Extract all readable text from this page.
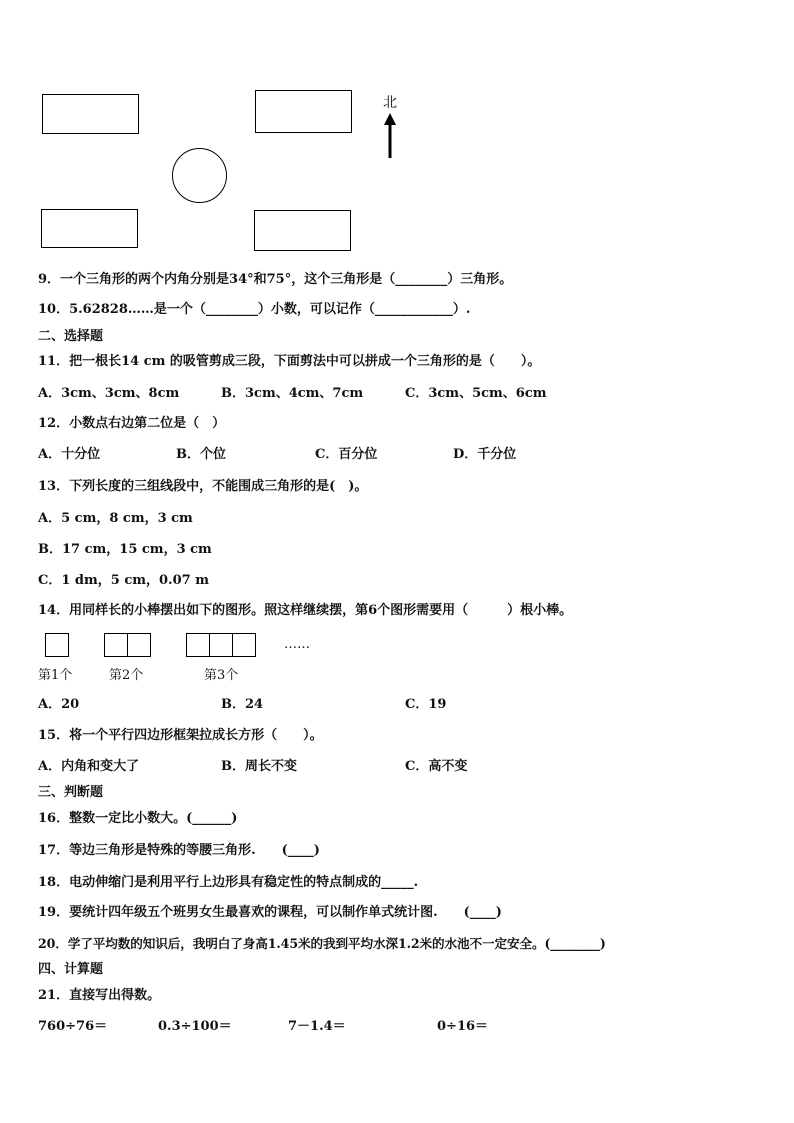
北
9．一个三角形的两个内角分别是34°和75°，这个三角形是（________）三角形。
10．5.62828……是一个（________）小数，可以记作（____________）.
二、选择题
11．把一根长14 cm 的吸管剪成三段，下面剪法中可以拼成一个三角形的是（　　）。
A．3cm、3cm、8cm	B．3cm、4cm、7cm	C．3cm、5cm、6cm
12．小数点右边第二位是（　）
A．十分位	B．个位	C．百分位	D．千分位
13．下列长度的三组线段中，不能围成三角形的是(　)。
A．5 cm，8 cm，3 cm
B．17 cm，15 cm，3 cm
C．1 dm，5 cm，0.07 m
14．用同样长的小棒摆出如下的图形。照这样继续摆，第6个图形需要用（　　　）根小棒。
……
第1个	第2个	第3个
A．20	B．24	C．19
15．将一个平行四边形框架拉成长方形（　　）。
A．内角和变大了	B．周长不变	C．高不变
三、判断题
16．整数一定比小数大。(______)
17．等边三角形是特殊的等腰三角形.　　(____)
18．电动伸缩门是利用平行上边形具有稳定性的特点制成的_____.
19．要统计四年级五个班男女生最喜欢的课程，可以制作单式统计图.　　(____)
20．学了平均数的知识后，我明白了身高1.45米的我到平均水深1.2米的水池不一定安全。(________)
四、计算题
21．直接写出得数。
760÷76＝	0.3÷100＝	7－1.4＝	0÷16＝
